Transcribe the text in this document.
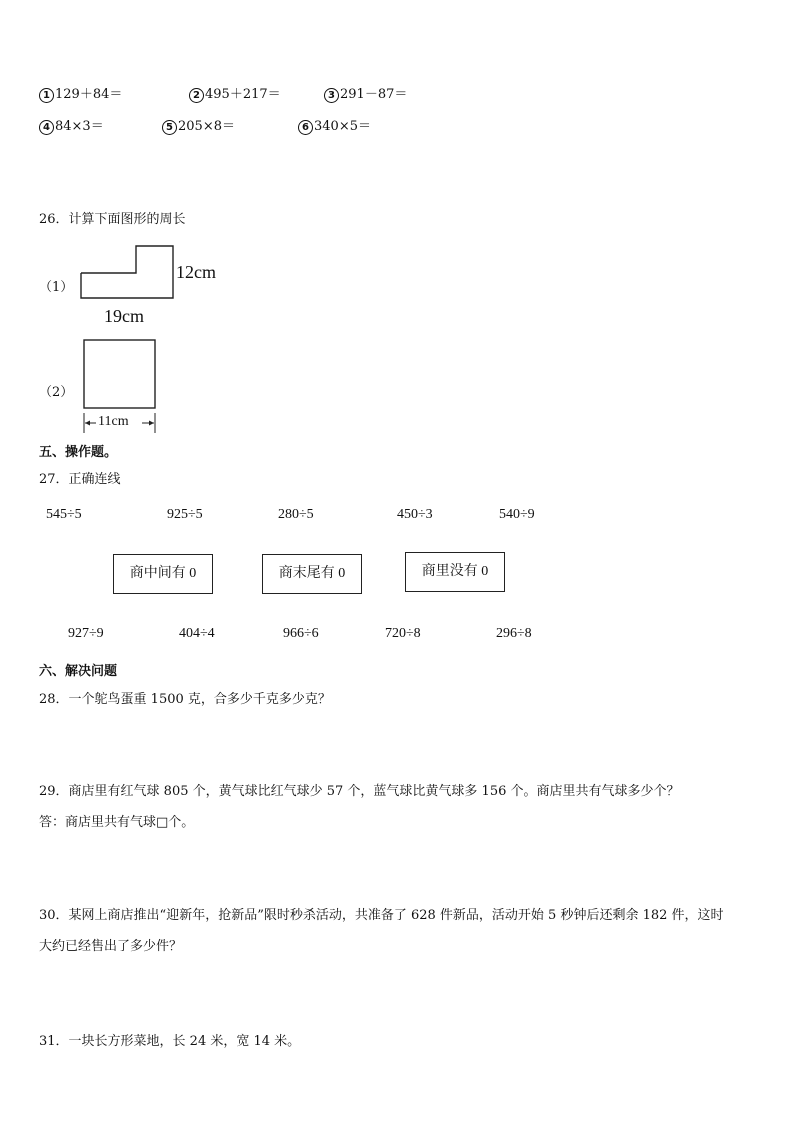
1 129＋84＝	2 495＋217＝	3 291－87＝
4 84×3＝	5 205×8＝	6 340×5＝
26．计算下面图形的周长
（1）
12cm
19cm
（2）
11cm
五、操作题。
27．正确连线
545÷5	925÷5	280÷5	450÷3	540÷9
商中间有 0	商末尾有 0	商里没有 0
927÷9	404÷4	966÷6	720÷8	296÷8
六、解决问题
28．一个鸵鸟蛋重 1500 克，合多少千克多少克？
29．商店里有红气球 805 个，黄气球比红气球少 57 个，蓝气球比黄气球多 156 个。商店里共有气球多少个？
答：商店里共有气球□个。
30．某网上商店推出“迎新年，抢新品”限时秒杀活动，共准备了 628 件新品，活动开始 5 秒钟后还剩余 182 件，这时
大约已经售出了多少件？
31．一块长方形菜地，长 24 米，宽 14 米。
